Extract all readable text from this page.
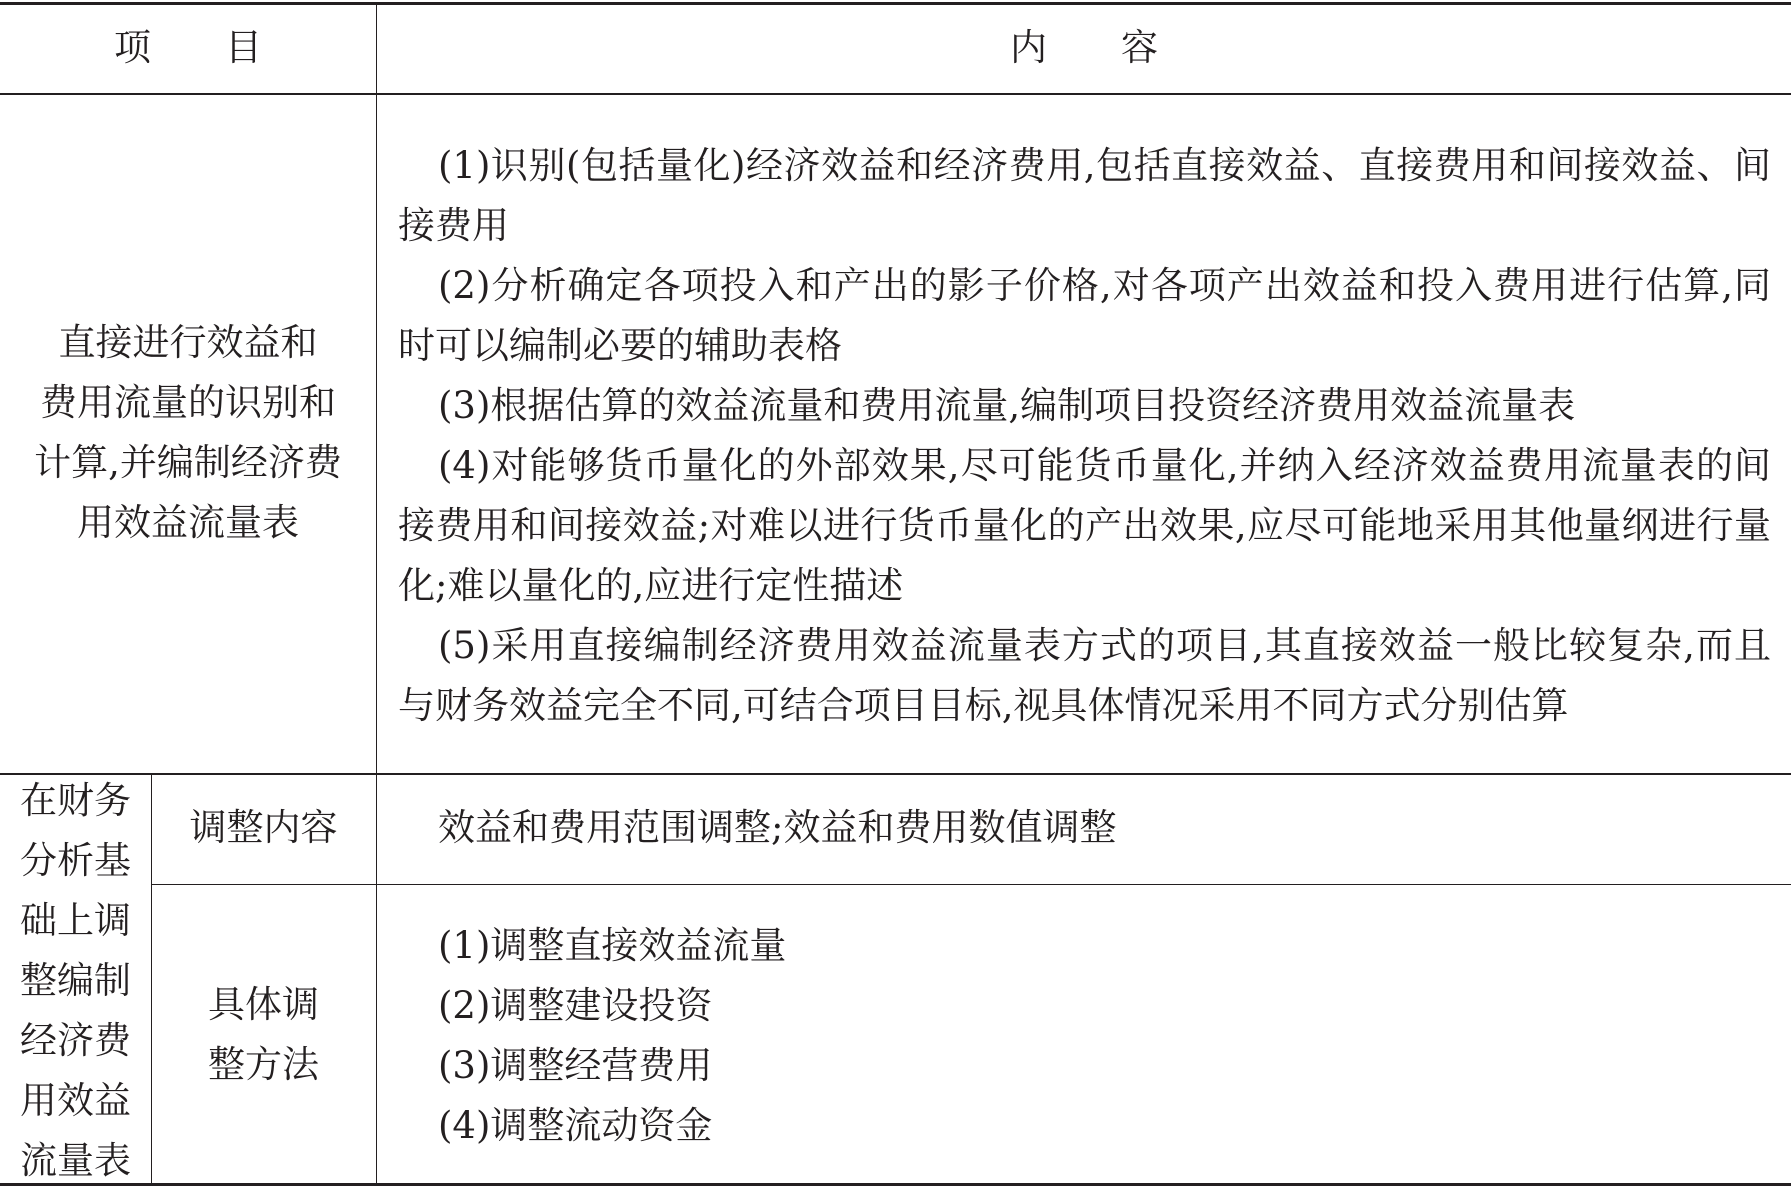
项　　目	内　　容

直接进行效益和

费用流量的识别和

计算,并编制经济费

用效益流量表

(1)识别(包括量化)经济效益和经济费用,包括直接效益、直接费用和间接效益、间接费用

(2)分析确定各项投入和产出的影子价格,对各项产出效益和投入费用进行估算,同时可以编制必要的辅助表格

(3)根据估算的效益流量和费用流量,编制项目投资经济费用效益流量表

(4)对能够货币量化的外部效果,尽可能货币量化,并纳入经济效益费用流量表的间接费用和间接效益;对难以进行货币量化的产出效果,应尽可能地采用其他量纲进行量化;难以量化的,应进行定性描述

(5)采用直接编制经济费用效益流量表方式的项目,其直接效益一般比较复杂,而且与财务效益完全不同,可结合项目目标,视具体情况采用不同方式分别估算

在财务

分析基

础上调

整编制

经济费

用效益

流量表

调整内容	效益和费用范围调整;效益和费用数值调整

具体调

整方法

(1)调整直接效益流量

(2)调整建设投资

(3)调整经营费用

(4)调整流动资金
